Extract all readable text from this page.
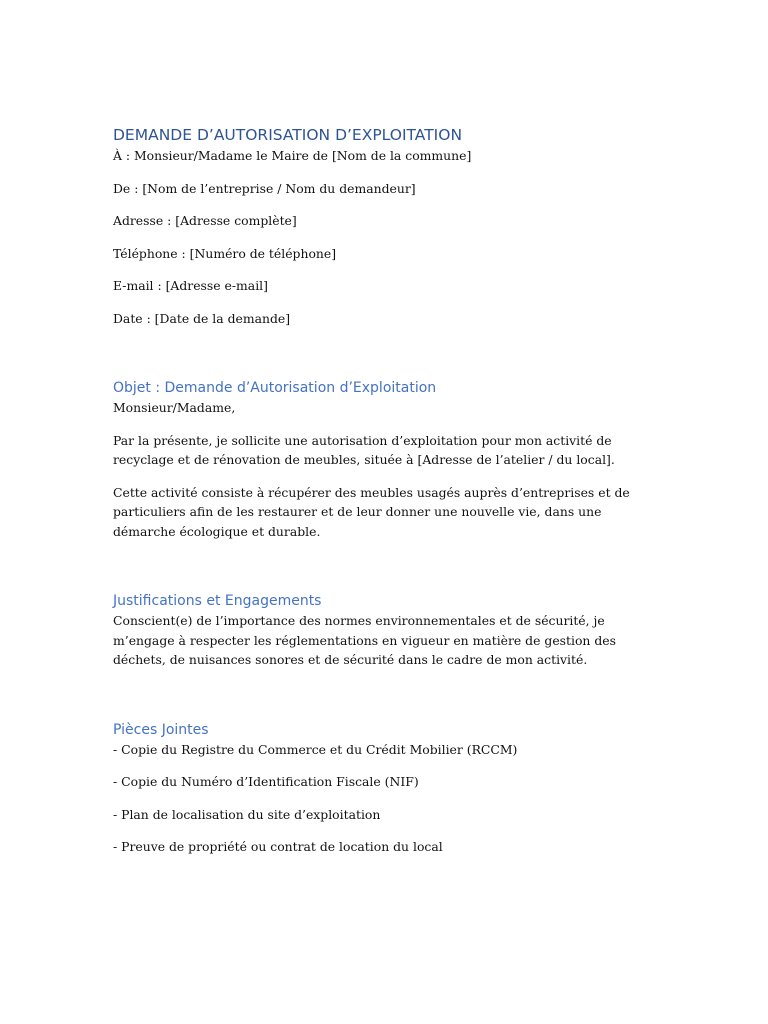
DEMANDE D’AUTORISATION D’EXPLOITATION

À : Monsieur/Madame le Maire de [Nom de la commune]

De : [Nom de l’entreprise / Nom du demandeur]

Adresse : [Adresse complète]

Téléphone : [Numéro de téléphone]

E-mail : [Adresse e-mail]

Date : [Date de la demande]

Objet : Demande d’Autorisation d’Exploitation

Monsieur/Madame,

Par la présente, je sollicite une autorisation d’exploitation pour mon activité de recyclage et de rénovation de meubles, située à [Adresse de l’atelier / du local].

Cette activité consiste à récupérer des meubles usagés auprès d’entreprises et de particuliers afin de les restaurer et de leur donner une nouvelle vie, dans une démarche écologique et durable.

Justifications et Engagements

Conscient(e) de l’importance des normes environnementales et de sécurité, je m’engage à respecter les réglementations en vigueur en matière de gestion des déchets, de nuisances sonores et de sécurité dans le cadre de mon activité.

Pièces Jointes

- Copie du Registre du Commerce et du Crédit Mobilier (RCCM)

- Copie du Numéro d’Identification Fiscale (NIF)

- Plan de localisation du site d’exploitation

- Preuve de propriété ou contrat de location du local
